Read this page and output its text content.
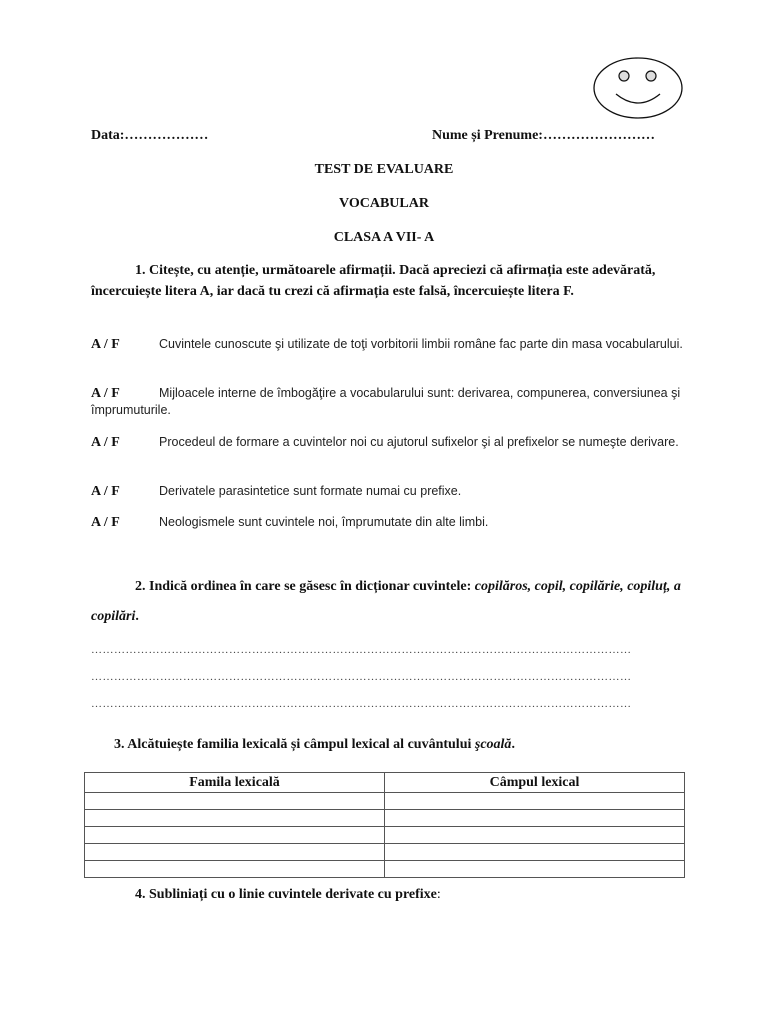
Data:………………	Nume și Prenume:……………………
TEST DE EVALUARE
VOCABULAR
CLASA A VII- A
1. Citește, cu atenție, următoarele afirmații. Dacă apreciezi că afirmația este adevărată, încercuiește litera A, iar dacă tu crezi că afirmația este falsă, încercuiește litera F.
A / F	Cuvintele cunoscute şi utilizate de toţi vorbitorii limbii române fac parte din masa vocabularului.
A / F	Mijloacele interne de îmbogăţire a vocabularului sunt: derivarea, compunerea, conversiunea şi împrumuturile.
A / F	Procedeul de formare a cuvintelor noi cu ajutorul sufixelor şi al prefixelor se numeşte derivare.
A / F	Derivatele parasintetice sunt formate numai cu prefixe.
A / F	Neologismele sunt cuvintele noi, împrumutate din alte limbi.
2. Indică ordinea în care se găsesc în dicționar cuvintele: copilăros, copil, copilărie, copiluț, a copilări.
……………………………………………………………………………………………………………………………
……………………………………………………………………………………………………………………………
……………………………………………………………………………………………………………………………
3. Alcătuiește familia lexicală și câmpul lexical al cuvântului şcoală.
Famila lexicală	Câmpul lexical

4. Subliniați cu o linie cuvintele derivate cu prefixe:
